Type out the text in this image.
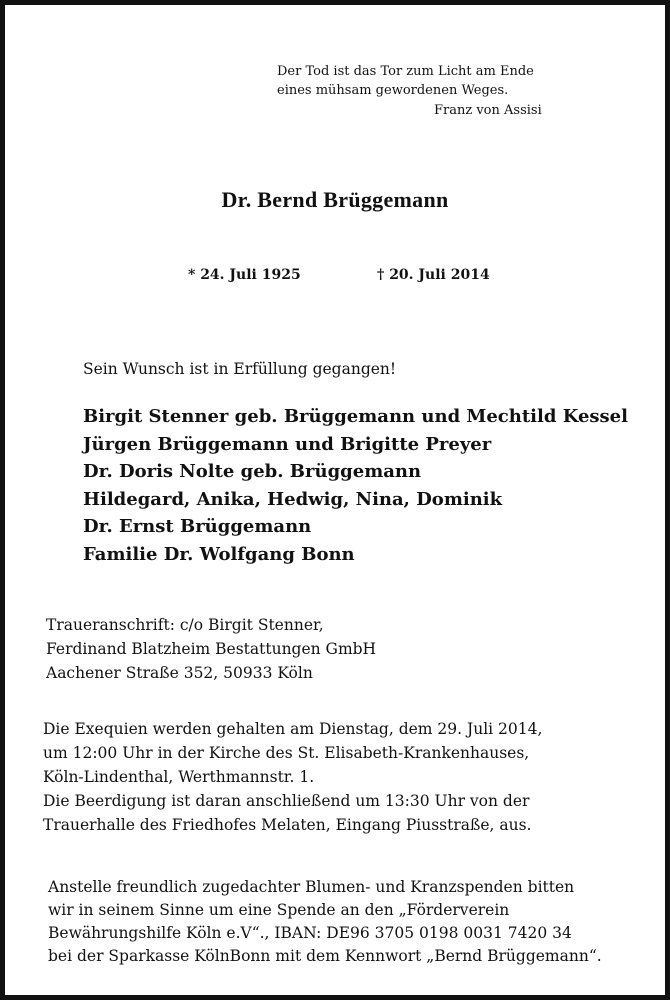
Der Tod ist das Tor zum Licht am Ende

eines mühsam gewordenen Weges.

Franz von Assisi

Dr. Bernd Brüggemann

* 24. Juli 1925	† 20. Juli 2014

Sein Wunsch ist in Erfüllung gegangen!

Birgit Stenner geb. Brüggemann und Mechtild Kessel

Jürgen Brüggemann und Brigitte Preyer

Dr. Doris Nolte geb. Brüggemann

Hildegard, Anika, Hedwig, Nina, Dominik

Dr. Ernst Brüggemann

Familie Dr. Wolfgang Bonn

Traueranschrift: c/o Birgit Stenner,

Ferdinand Blatzheim Bestattungen GmbH

Aachener Straße 352, 50933 Köln

Die Exequien werden gehalten am Dienstag, dem 29. Juli 2014,

um 12:00 Uhr in der Kirche des St. Elisabeth-Krankenhauses,

Köln-Lindenthal, Werthmannstr. 1.

Die Beerdigung ist daran anschließend um 13:30 Uhr von der

Trauerhalle des Friedhofes Melaten, Eingang Piusstraße, aus.

Anstelle freundlich zugedachter Blumen- und Kranzspenden bitten

wir in seinem Sinne um eine Spende an den „Förderverein

Bewährungshilfe Köln e.V“., IBAN: DE96 3705 0198 0031 7420 34

bei der Sparkasse KölnBonn mit dem Kennwort „Bernd Brüggemann“.
